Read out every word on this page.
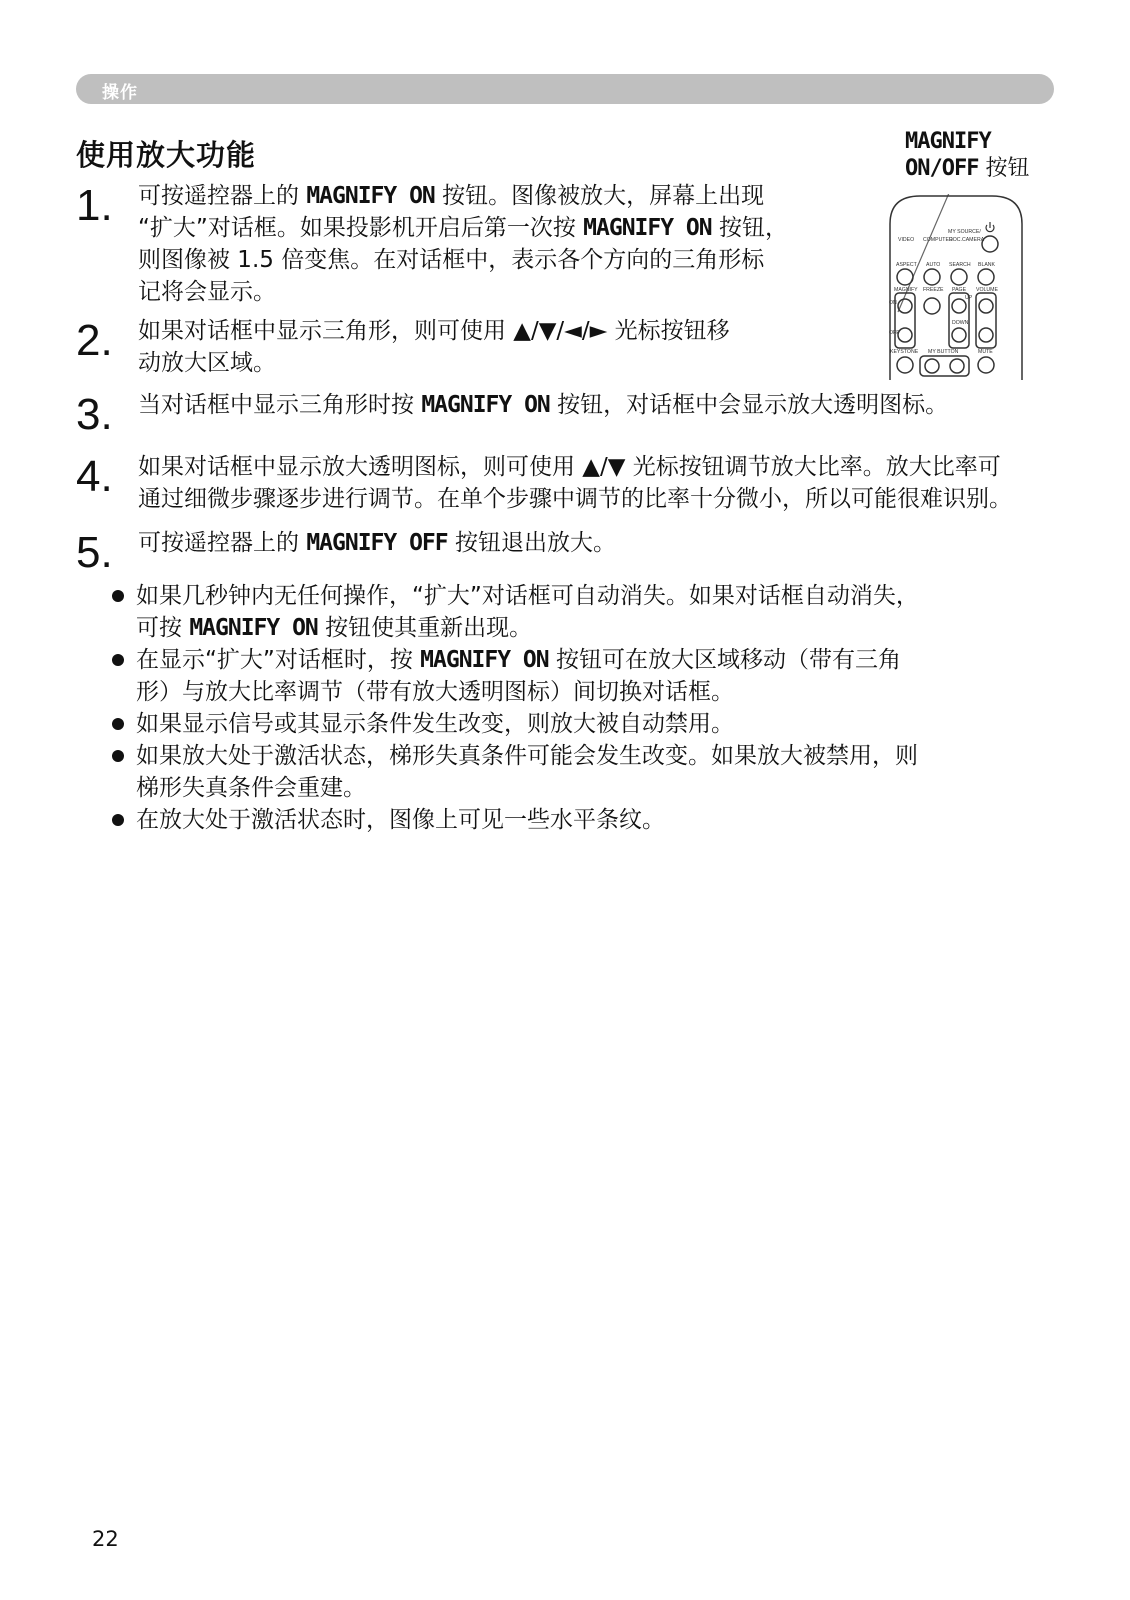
操作
使用放大功能	MAGNIFY
ON/OFF 按钮
MY SOURCE/
VIDEO COMPUTER
DOC.CAMERA
ASPECT AUTO SEARCH BLANK
MAGNIFY FREEZE PAGE VOLUME
ON
OFF
UP
DOWN
KEYSTONE MY BUTTON	MUTE
1. 可按遥控器上的 MAGNIFY ON 按钮。图像被放大，屏幕上出现

“扩大”对话框。如果投影机开启后第一次按 MAGNIFY ON 按钮，

则图像被 1.5 倍变焦。在对话框中，表示各个方向的三角形标

记将会显示。

2. 如果对话框中显示三角形，则可使用 ▲/▼/◄/► 光标按钮移

动放大区域。

3. 当对话框中显示三角形时按 MAGNIFY ON 按钮，对话框中会显示放大透明图标。

4. 如果对话框中显示放大透明图标，则可使用 ▲/▼ 光标按钮调节放大比率。放大比率可

通过细微步骤逐步进行调节。在单个步骤中调节的比率十分微小，所以可能很难识别。

5. 可按遥控器上的 MAGNIFY OFF 按钮退出放大。

如果几秒钟内无任何操作，“扩大”对话框可自动消失。如果对话框自动消失，

可按 MAGNIFY ON 按钮使其重新出现。

在显示“扩大”对话框时，按 MAGNIFY ON 按钮可在放大区域移动（带有三角

形）与放大比率调节（带有放大透明图标）间切换对话框。

如果显示信号或其显示条件发生改变，则放大被自动禁用。

如果放大处于激活状态，梯形失真条件可能会发生改变。如果放大被禁用，则

梯形失真条件会重建。

在放大处于激活状态时，图像上可见一些水平条纹。

22
